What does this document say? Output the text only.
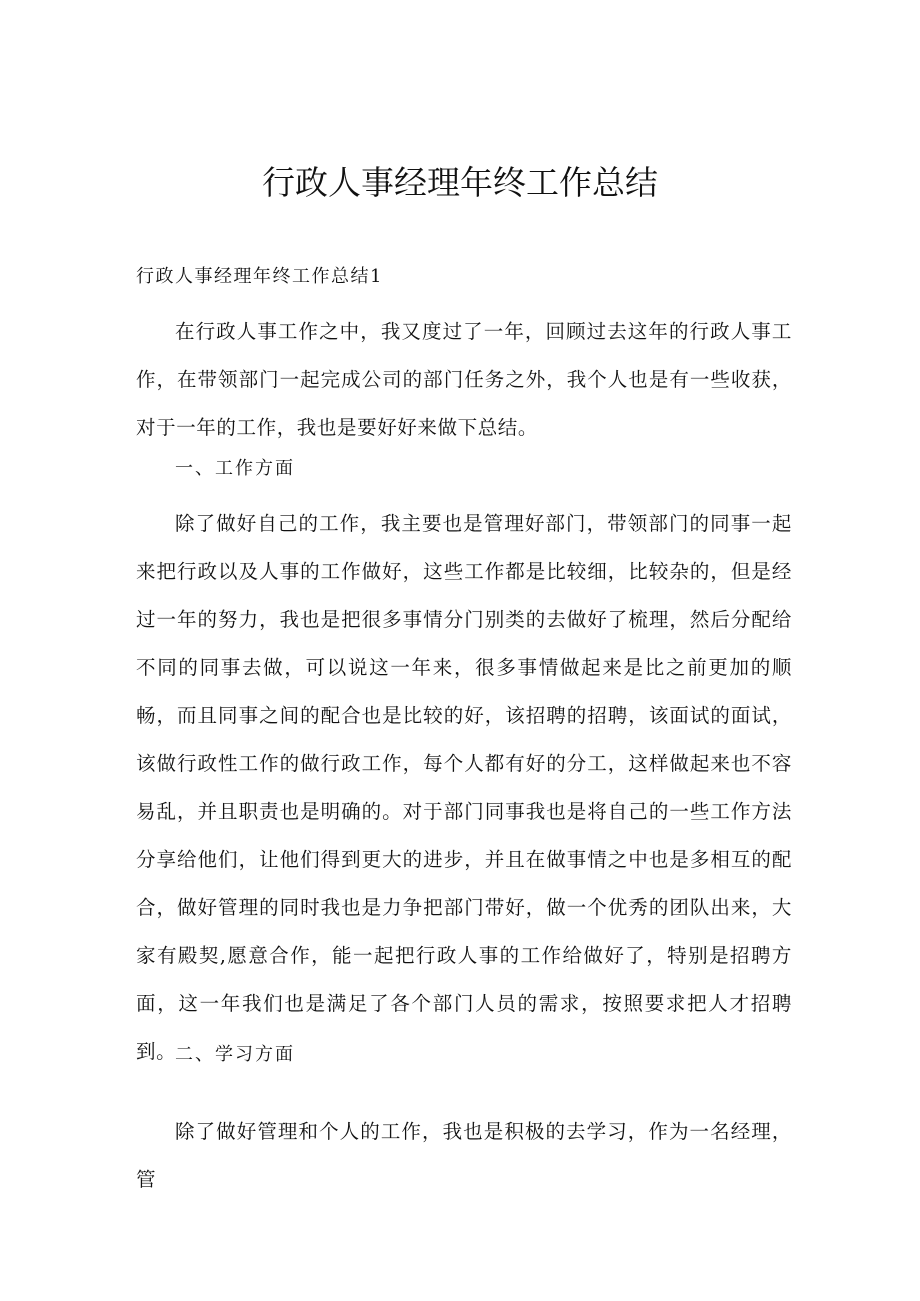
行政人事经理年终工作总结

行政人事经理年终工作总结1

在行政人事工作之中，我又度过了一年，回顾过去这年的行政人事工作，在带领部门一起完成公司的部门任务之外，我个人也是有一些收获，对于一年的工作，我也是要好好来做下总结。

一、工作方面

除了做好自己的工作，我主要也是管理好部门，带领部门的同事一起来把行政以及人事的工作做好，这些工作都是比较细，比较杂的，但是经过一年的努力，我也是把很多事情分门别类的去做好了梳理，然后分配给不同的同事去做，可以说这一年来，很多事情做起来是比之前更加的顺畅，而且同事之间的配合也是比较的好，该招聘的招聘，该面试的面试，该做行政性工作的做行政工作，每个人都有好的分工，这样做起来也不容易乱，并且职责也是明确的。对于部门同事我也是将自己的一些工作方法分享给他们，让他们得到更大的进步，并且在做事情之中也是多相互的配合，做好管理的同时我也是力争把部门带好，做一个优秀的团队出来，大家有殿契,愿意合作，能一起把行政人事的工作给做好了，特别是招聘方面，这一年我们也是满足了各个部门人员的需求，按照要求把人才招聘到。

二、学习方面

除了做好管理和个人的工作，我也是积极的去学习，作为一名经理，管
